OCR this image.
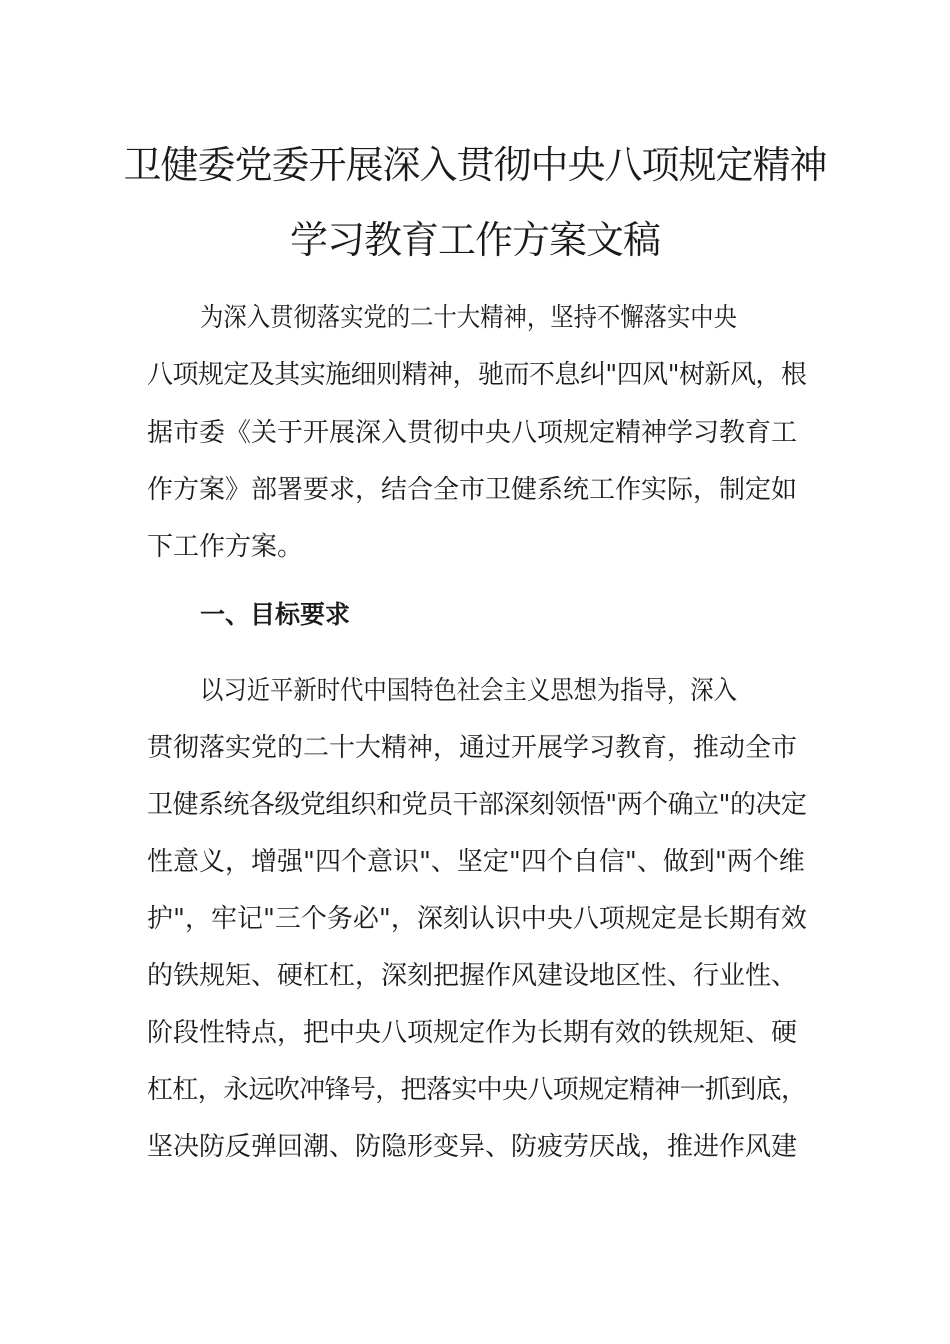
卫健委党委开展深入贯彻中央八项规定精神
学习教育工作方案文稿
为深入贯彻落实党的二十大精神，坚持不懈落实中央
八项规定及其实施细则精神，驰而不息纠"四风"树新风，根
据市委《关于开展深入贯彻中央八项规定精神学习教育工
作方案》部署要求，结合全市卫健系统工作实际，制定如
下工作方案。
一、目标要求
以习近平新时代中国特色社会主义思想为指导，深入
贯彻落实党的二十大精神，通过开展学习教育，推动全市
卫健系统各级党组织和党员干部深刻领悟"两个确立"的决定
性意义，增强"四个意识"、坚定"四个自信"、做到"两个维
护"，牢记"三个务必"，深刻认识中央八项规定是长期有效
的铁规矩、硬杠杠，深刻把握作风建设地区性、行业性、
阶段性特点，把中央八项规定作为长期有效的铁规矩、硬
杠杠，永远吹冲锋号，把落实中央八项规定精神一抓到底，
坚决防反弹回潮、防隐形变异、防疲劳厌战，推进作风建
